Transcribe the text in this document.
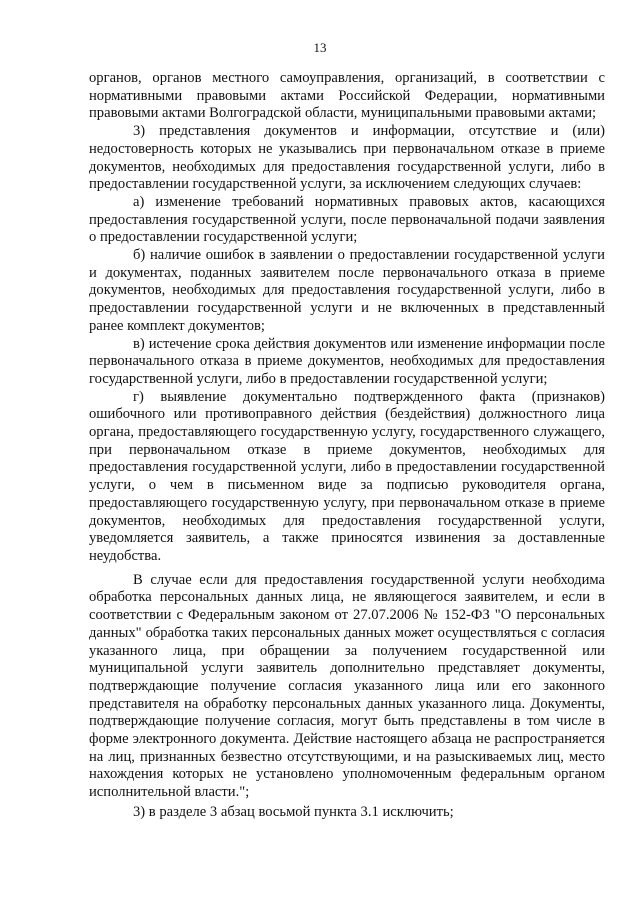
13

органов, органов местного самоуправления, организаций, в соответствии с нормативными правовыми актами Российской Федерации, нормативными правовыми актами Волгоградской области, муниципальными правовыми актами;

3) представления документов и информации, отсутствие и (или) недостоверность которых не указывались при первоначальном отказе в приеме документов, необходимых для предоставления государственной услуги, либо в предоставлении государственной услуги, за исключением следующих случаев:

а) изменение требований нормативных правовых актов, касающихся предоставления государственной услуги, после первоначальной подачи заявления о предоставлении государственной услуги;

б) наличие ошибок в заявлении о предоставлении государственной услуги и документах, поданных заявителем после первоначального отказа в приеме документов, необходимых для предоставления государственной услуги, либо в предоставлении государственной услуги и не включенных в представленный ранее комплект документов;

в) истечение срока действия документов или изменение информации после первоначального отказа в приеме документов, необходимых для предоставления государственной услуги, либо в предоставлении государственной услуги;

г) выявление документально подтвержденного факта (признаков) ошибочного или противоправного действия (бездействия) должностного лица органа, предоставляющего государственную услугу, государственного служащего, при первоначальном отказе в приеме документов, необходимых для предоставления государственной услуги, либо в предоставлении государственной услуги, о чем в письменном виде за подписью руководителя органа, предоставляющего государственную услугу, при первоначальном отказе в приеме документов, необходимых для предоставления государственной услуги, уведомляется заявитель, а также приносятся извинения за доставленные неудобства.

В случае если для предоставления государственной услуги необходима обработка персональных данных лица, не являющегося заявителем, и если в соответствии с Федеральным законом от 27.07.2006 № 152-ФЗ "О персональных данных" обработка таких персональных данных может осуществляться с согласия указанного лица, при обращении за получением государственной или муниципальной услуги заявитель дополнительно представляет документы, подтверждающие получение согласия указанного лица или его законного представителя на обработку персональных данных указанного лица. Документы, подтверждающие получение согласия, могут быть представлены в том числе в форме электронного документа. Действие настоящего абзаца не распространяется на лиц, признанных безвестно отсутствующими, и на разыскиваемых лиц, место нахождения которых не установлено уполномоченным федеральным органом исполнительной власти.";

3) в разделе 3 абзац восьмой пункта 3.1 исключить;
